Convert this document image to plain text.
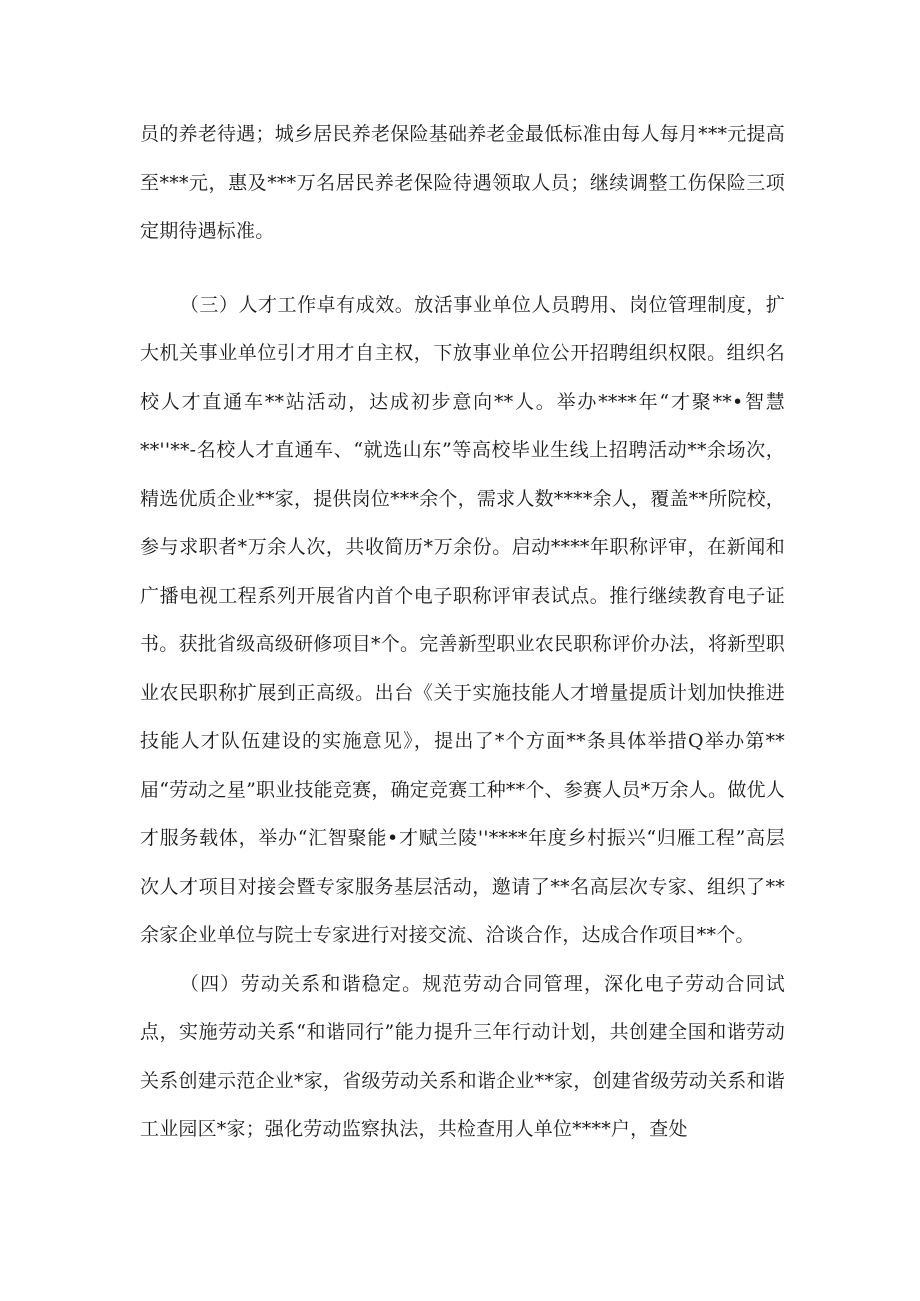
员的养老待遇；城乡居民养老保险基础养老金最低标准由每人每月***元提高至***元，惠及***万名居民养老保险待遇领取人员；继续调整工伤保险三项定期待遇标准。

（三）人才工作卓有成效。放活事业单位人员聘用、岗位管理制度，扩大机关事业单位引才用才自主权，下放事业单位公开招聘组织权限。组织名校人才直通车**站活动，达成初步意向**人。举办****年“才聚**•智慧**''**-名校人才直通车、“就选山东”等高校毕业生线上招聘活动**余场次，精选优质企业**家，提供岗位***余个，需求人数****余人，覆盖**所院校，参与求职者*万余人次，共收简历*万余份。启动****年职称评审，在新闻和广播电视工程系列开展省内首个电子职称评审表试点。推行继续教育电子证书。获批省级高级研修项目*个。完善新型职业农民职称评价办法，将新型职业农民职称扩展到正高级。出台《关于实施技能人才增量提质计划加快推进技能人才队伍建设的实施意见》，提出了*个方面**条具体举措Q举办第**届“劳动之星”职业技能竞赛，确定竞赛工种**个、参赛人员*万余人。做优人才服务载体，举办“汇智聚能•才赋兰陵''****年度乡村振兴“归雁工程”高层次人才项目对接会暨专家服务基层活动，邀请了**名高层次专家、组织了**余家企业单位与院士专家进行对接交流、洽谈合作，达成合作项目**个。

（四）劳动关系和谐稳定。规范劳动合同管理，深化电子劳动合同试点，实施劳动关系“和谐同行”能力提升三年行动计划，共创建全国和谐劳动关系创建示范企业*家，省级劳动关系和谐企业**家，创建省级劳动关系和谐工业园区*家；强化劳动监察执法，共检查用人单位****户，查处
